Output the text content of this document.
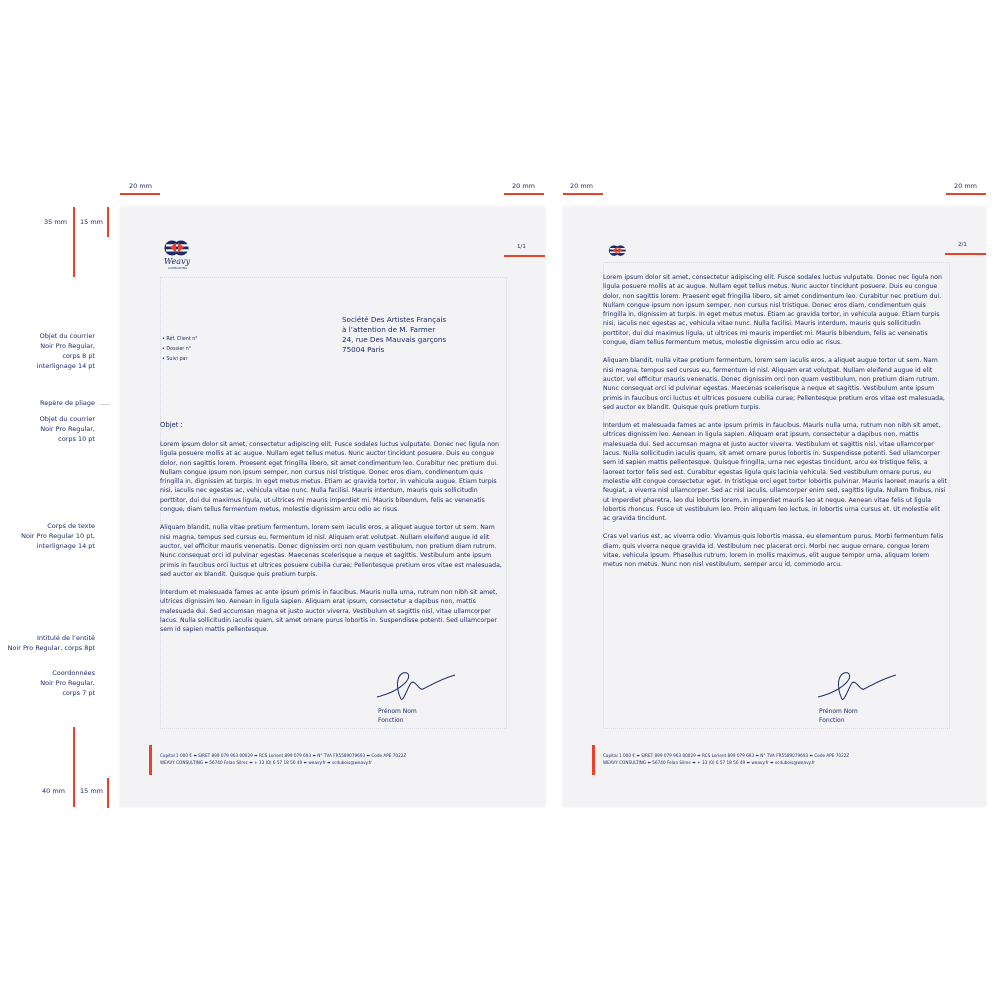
20 mm	20 mm	20 mm	20 mm
35 mm 15 mm
40 mm 15 mm
Objet du courrier
Noir Pro Regular,
corps 8 pt
interlignage 14 pt
Repère de pliage
Objet du courrier
Noir Pro Regular,
corps 10 pt
Corps de texte
Noir Pro Regular 10 pt,
interlignage 14 pt
Intitulé de l’entité
Noir Pro Regular, corps 8pt
Coordonnées
Noir Pro Regular,
corps 7 pt
Weavy
CONSULTING
1/1
• Réf. Client n°
• Dossier n°
• Suivi par
Société Des Artistes Français
à l’attention de M. Farmer
24, rue Des Mauvais garçons
75004 Paris
Objet :

Lorem ipsum dolor sit amet, consectetur adipiscing elit. Fusce sodales luctus vulputate. Donec nec ligula non ligula posuere mollis at ac augue. Nullam eget tellus metus. Nunc auctor tincidunt posuere. Duis eu congue dolor, non sagittis lorem. Proesent eget fringilla libero, sit amet condimentum leo. Curabitur nec pretium dui. Nullam congue ipsum non ipsum semper, non cursus nisl tristique. Donec eros diam, condimentum quis fringilla in, dignissim at turpis. In eget metus metus. Etiam ac gravida tortor, in vehicula augue. Etiam turpis nisi, iaculis nec egestas ac, vehicula vitae nunc. Nulla facilisi. Mauris interdum, mauris quis sollicitudin porttitor, dui dui maximus ligula, ut ultrices mi mauris imperdiet mi. Mauris bibendum, felis ac venenatis congue, diam tellus fermentum metus, molestie dignissim arcu odio ac risus.

Aliquam blandit, nulla vitae pretium fermentum, lorem sem iaculis eros, a aliquet augue tortor ut sem. Nam nisi magna, tempus sed cursus eu, fermentum id nisl. Aliquam erat volutpat. Nullam eleifend augue id elit auctor, vel efficitur mauris venenatis. Donec dignissim orci non quam vestibulum, non pretium diam rutrum. Nunc consequat orci id pulvinar egestas. Maecenas scelerisque a neque et sagittis. Vestibulum ante ipsum primis in faucibus orci luctus et ultrices posuere cubilia curae; Pellentesque pretium eros vitae est malesuada, sed auctor ex blandit. Quisque quis pretium turpis.

Interdum et malesuada fames ac ante ipsum primis in faucibus. Mauris nulla urna, rutrum non nibh sit amet, ultrices dignissim leo. Aenean in ligula sapien. Aliquam erat ipsum, consectetur a dapibus non, mattis malesuada dui. Sed accumsan magna et justo auctor viverra. Vestibulum et sagittis nisl, vitae ullamcorper lacus. Nulla sollicitudin iaculis quam, sit amet ornare purus lobortis in. Suspendisse potenti. Sed ullamcorper sem id sapien mattis pellentesque.

Prénom Nom
Fonction
Capital 1 000 € ⬌ SIRET 899 079 963 00029 ⬌ RCS Lorient 899 079 693 ⬌ N° TVA FR5589079693 ⬌ Code APE 7022Z
WEAVY CONSULTING ⬌ 56740 Felan Silrec ⬌ + 33 (0) 6 57 18 56 49 ⬌ weavy.fr ⬌ scdubois@weavy.fr
2/1

Lorem ipsum dolor sit amet, consectetur adipiscing elit. Fusce sodales luctus vulputate. Donec nec ligula non ligula posuere mollis at ac augue. Nullam eget tellus metus. Nunc auctor tincidunt posuere. Duis eu congue dolor, non sagittis lorem. Praesent eget fringilla libero, sit amet condimentum leo. Curabitur nec pretium dui. Nullam congue ipsum non ipsum semper, non cursus nisl tristique. Donec eros diam, condimentum quis fringilla in, dignissim at turpis. In eget metus metus. Etiam ac gravida tortor, in vehicula augue. Etiam turpis nisi, iaculis nec egestas ac, vehicula vitae nunc. Nulla facilisi. Mauris interdum, mauris quis sollicitudin porttitor, dui dui maximus ligula, ut ultrices mi mauris imperdiet mi. Mauris bibendum, felis ac venenatis congue, diam tellus fermentum metus, molestie dignissim arcu odio ac risus.

Aliquam blandit, nulla vitae pretium fermentum, lorem sem iaculis eros, a aliquet augue tortor ut sem. Nam nisi magna, tempus sed cursus eu, fermentum id nisl. Aliquam erat volutpat. Nullam eleifend augue id elit auctor, vel efficitur mauris venenatis. Donec dignissim orci non quam vestibulum, non pretium diam rutrum. Nunc consequat orci id pulvinar egestas. Maecenas scelerisque a neque et sagittis. Vestibulum ante ipsum primis in faucibus orci luctus et ultrices posuere cubilia curae; Pellentesque pretium eros vitae est malesuada, sed auctor ex blandit. Quisque quis pretium turpis.

Interdum et malesuada fames ac ante ipsum primis in faucibus. Mauris nulla urna, rutrum non nibh sit amet, ultrices dignissim leo. Aenean in ligula sapien. Aliquam erat ipsum, consectetur a dapibus non, mattis malesuada dui. Sed accumsan magna et justo auctor viverra. Vestibulum et sagittis nisl, vitae ullamcorper lacus. Nulla sollicitudin iaculis quam, sit amet ornare purus lobortis in. Suspendisse potenti. Sed ullamcorper sem id sapien mattis pellentesque. Quisque fringilla, urna nec egestas tincidunt, arcu ex tristique felis, a laoreet tortor felis sed est. Curabitur egestas ligula quis lacinia vehicula. Sed vestibulum ornare purus, eu molestie elit congue consectetur eget. In tristique orci eget tortor lobortis pulvinar. Mauris laoreet mauris a elit feugiat, a viverra nisl ullamcorper. Sed ac nisl iaculis, ullamcorper enim sed, sagittis ligula. Nullam finibus, nisi ut imperdiet pharetra, leo dui lobortis lorem, in imperdiet mauris leo at neque. Aenean vitae felis ut ligula lobortis rhoncus. Fusce ut vestibulum leo. Proin aliquam leo lectus, in lobortis urna cursus et. Ut molestie elit ac gravida tincidunt.

Cras vel varius est, ac viverra odio. Vivamus quis lobortis massa, eu elementum purus. Morbi fermentum felis diam, quis viverra neque gravida id. Vestibulum nec placerat orci. Morbi nec augue ornare, congue lorem vitae, vehicula ipsum. Phasellus rutrum, lorem in mollis maximus, elit augue tempor urna, aliquam lorem metus non metus. Nunc non nisl vestibulum, semper arcu id, commodo arcu.

Prénom Nom
Fonction
Capital 1 000 € ⬌ SIRET 899 079 963 00029 ⬌ RCS Lorient 899 079 693 ⬌ N° TVA FR5589079693 ⬌ Code APE 7022Z
WEAVY CONSULTING ⬌ 56740 Felan Silrec ⬌ + 33 (0) 6 57 18 56 49 ⬌ weavy.fr ⬌ scdubois@weavy.fr
